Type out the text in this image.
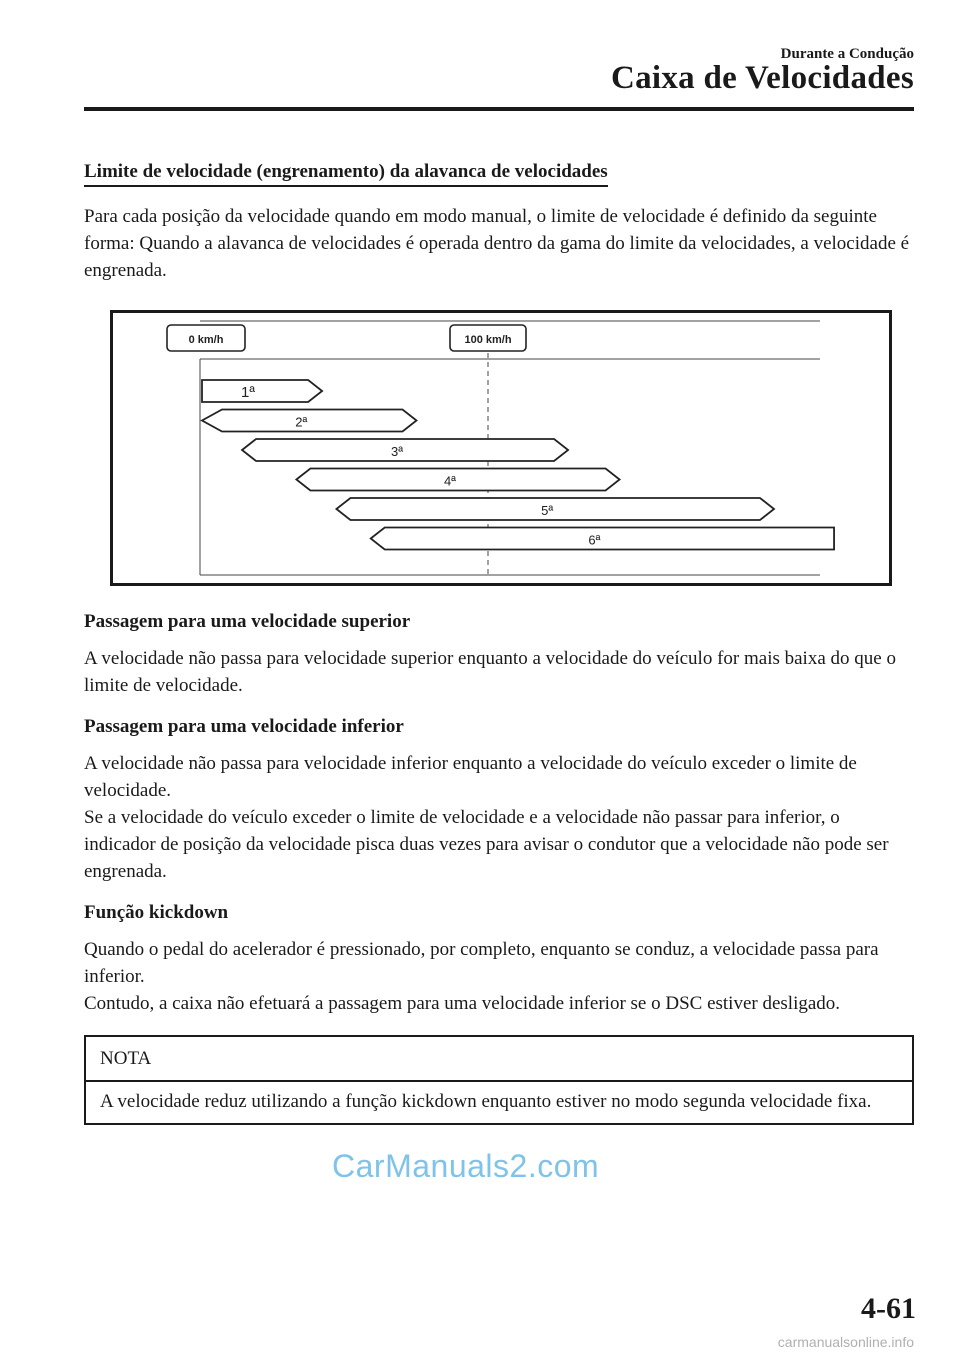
Durante a Condução
Caixa de Velocidades
Limite de velocidade (engrenamento) da alavanca de velocidades

Para cada posição da velocidade quando em modo manual, o limite de velocidade é definido da seguinte forma: Quando a alavanca de velocidades é operada dentro da gama do limite da velocidades, a velocidade é engrenada.

0 km/h	100 km/h
1ª
2ª
3ª
4ª
5ª
6ª
Passagem para uma velocidade superior

A velocidade não passa para velocidade superior enquanto a velocidade do veículo for mais baixa do que o limite de velocidade.

Passagem para uma velocidade inferior

A velocidade não passa para velocidade inferior enquanto a velocidade do veículo exceder o limite de velocidade.

Se a velocidade do veículo exceder o limite de velocidade e a velocidade não passar para inferior, o indicador de posição da velocidade pisca duas vezes para avisar o condutor que a velocidade não pode ser engrenada.

Função kickdown

Quando o pedal do acelerador é pressionado, por completo, enquanto se conduz, a velocidade passa para inferior.

Contudo, a caixa não efetuará a passagem para uma velocidade inferior se o DSC estiver desligado.

NOTA
A velocidade reduz utilizando a função kickdown enquanto estiver no modo segunda velocidade fixa.
CarManuals2.com
4-61
carmanualsonline.info
